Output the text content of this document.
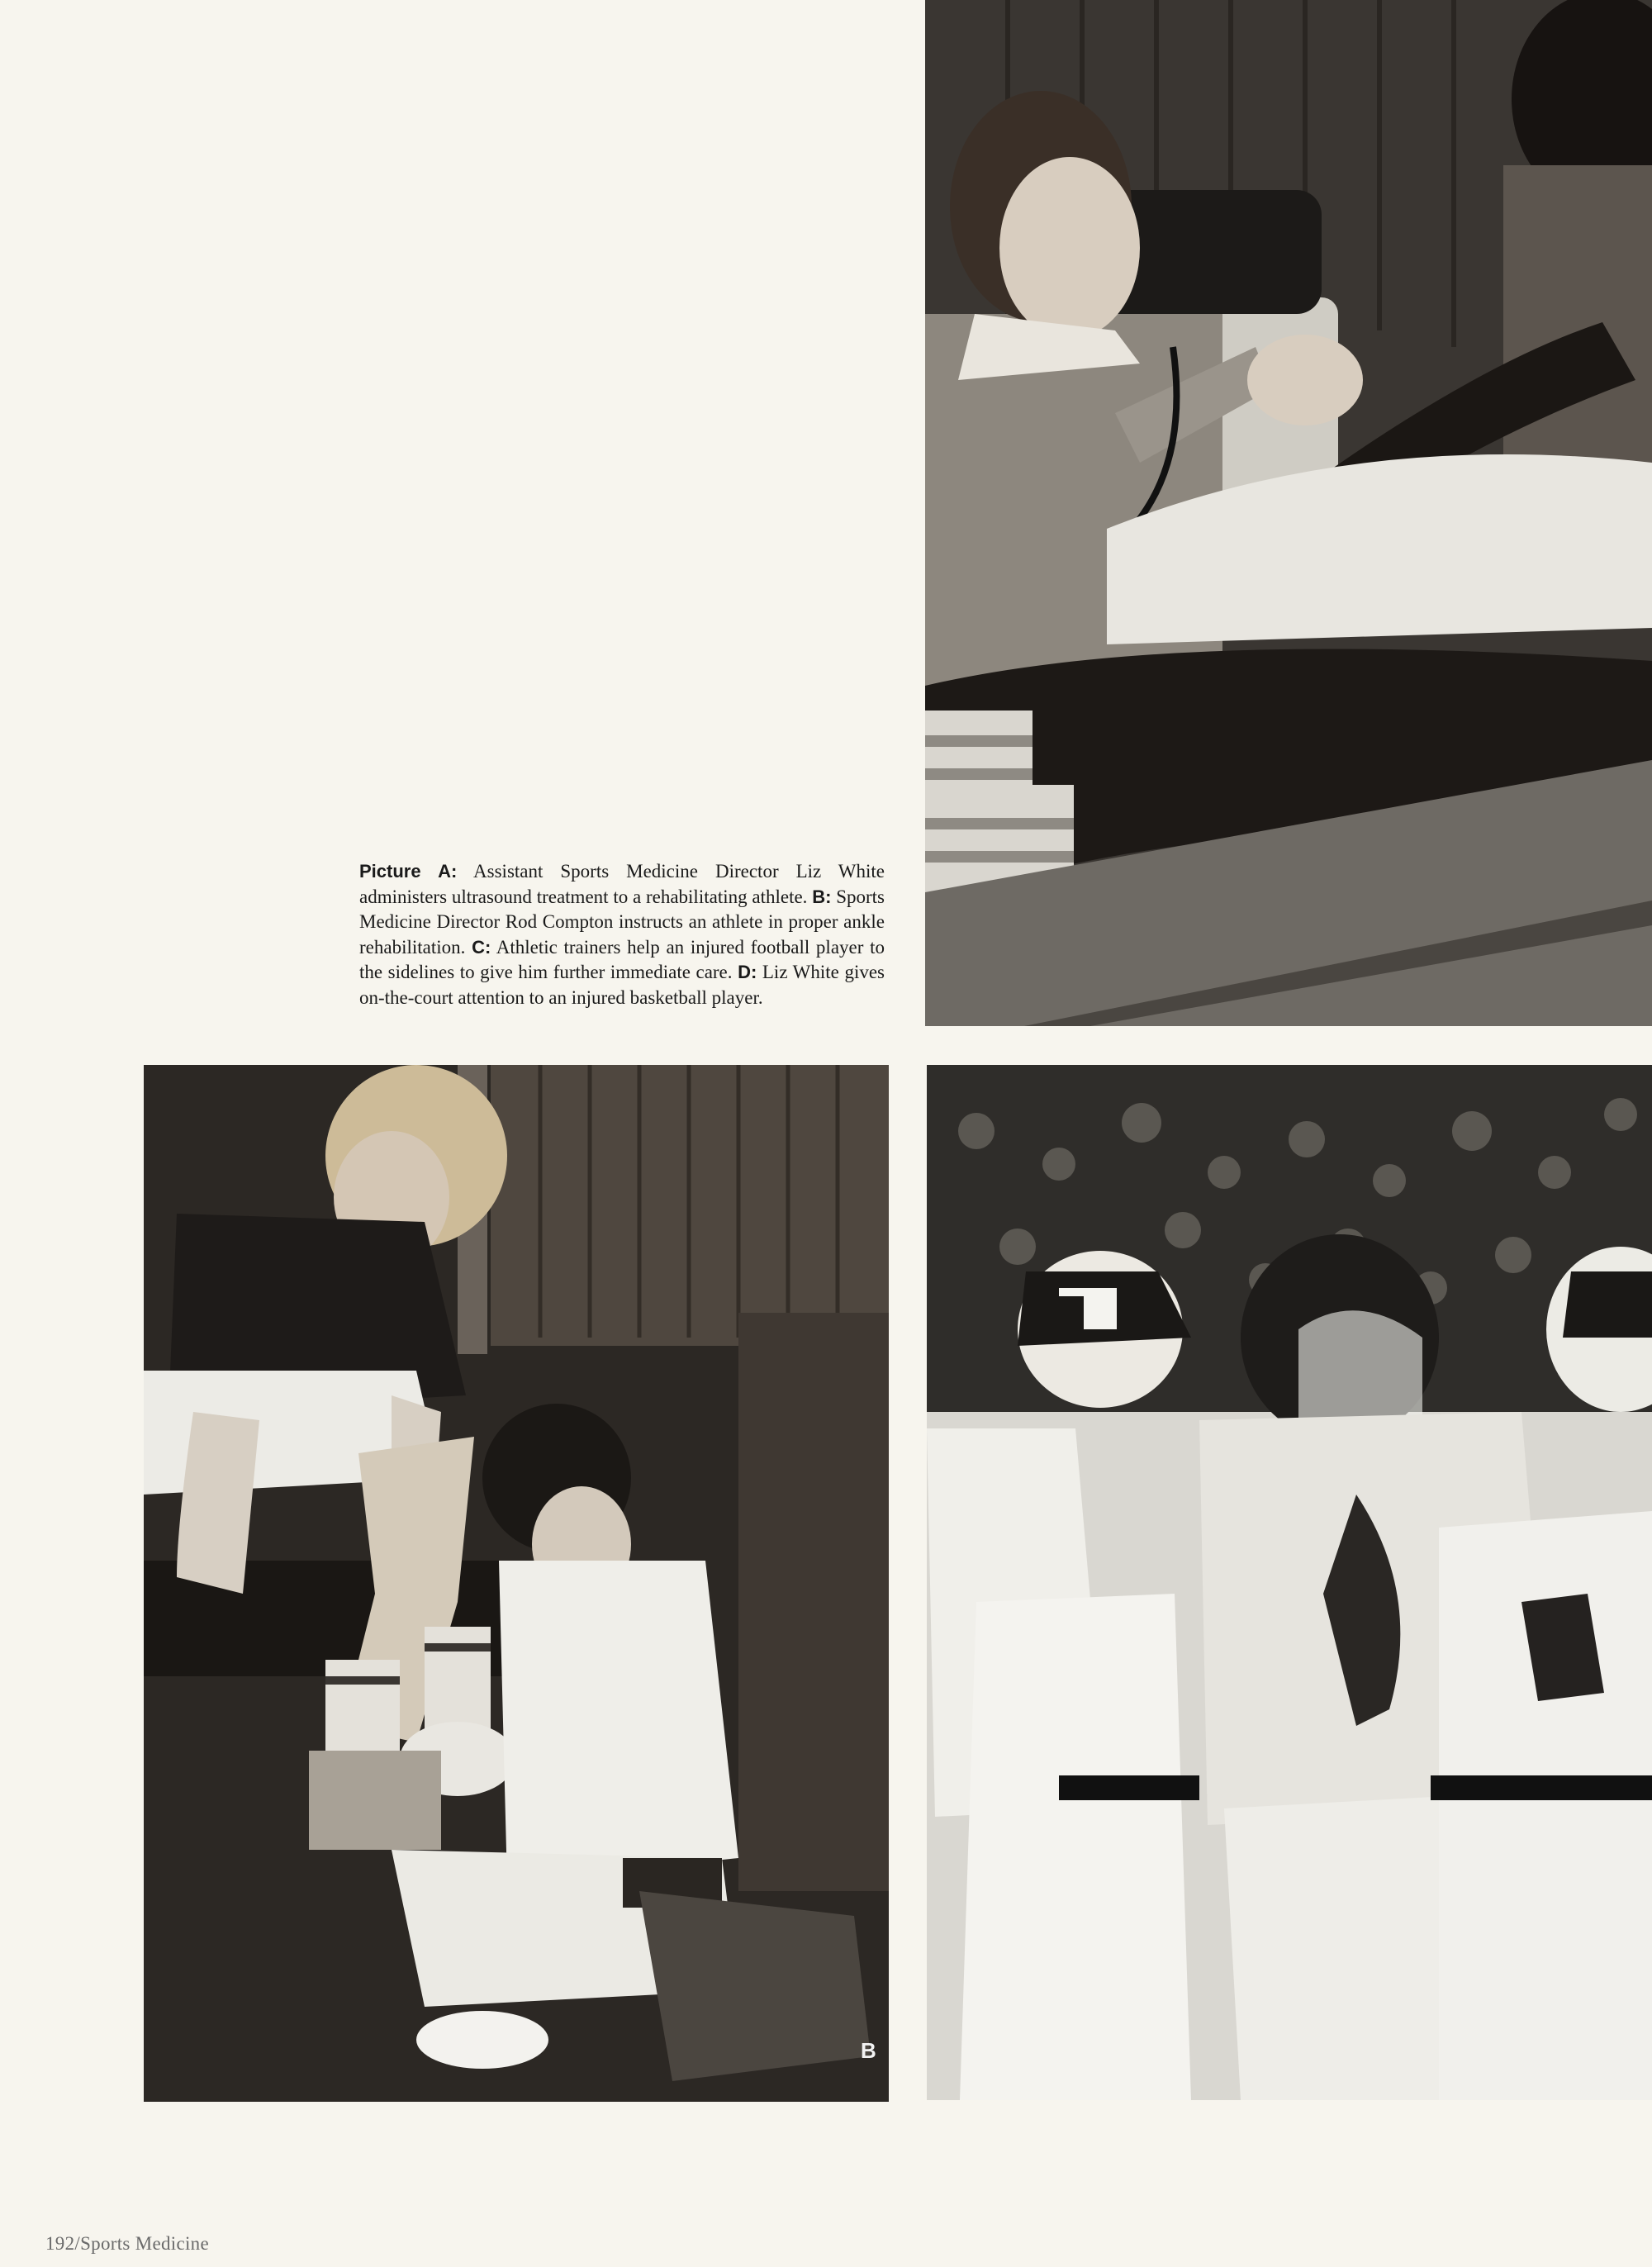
Picture A: Assistant Sports Medicine Director Liz White administers ultrasound treatment to a rehabilitating athlete. B: Sports Medicine Director Rod Compton instructs an athlete in proper ankle rehabilitation. C: Athletic trainers help an injured football player to the sidelines to give him further immediate care. D: Liz White gives on-the-court attention to an injured basketball player.
B
192/Sports Medicine
